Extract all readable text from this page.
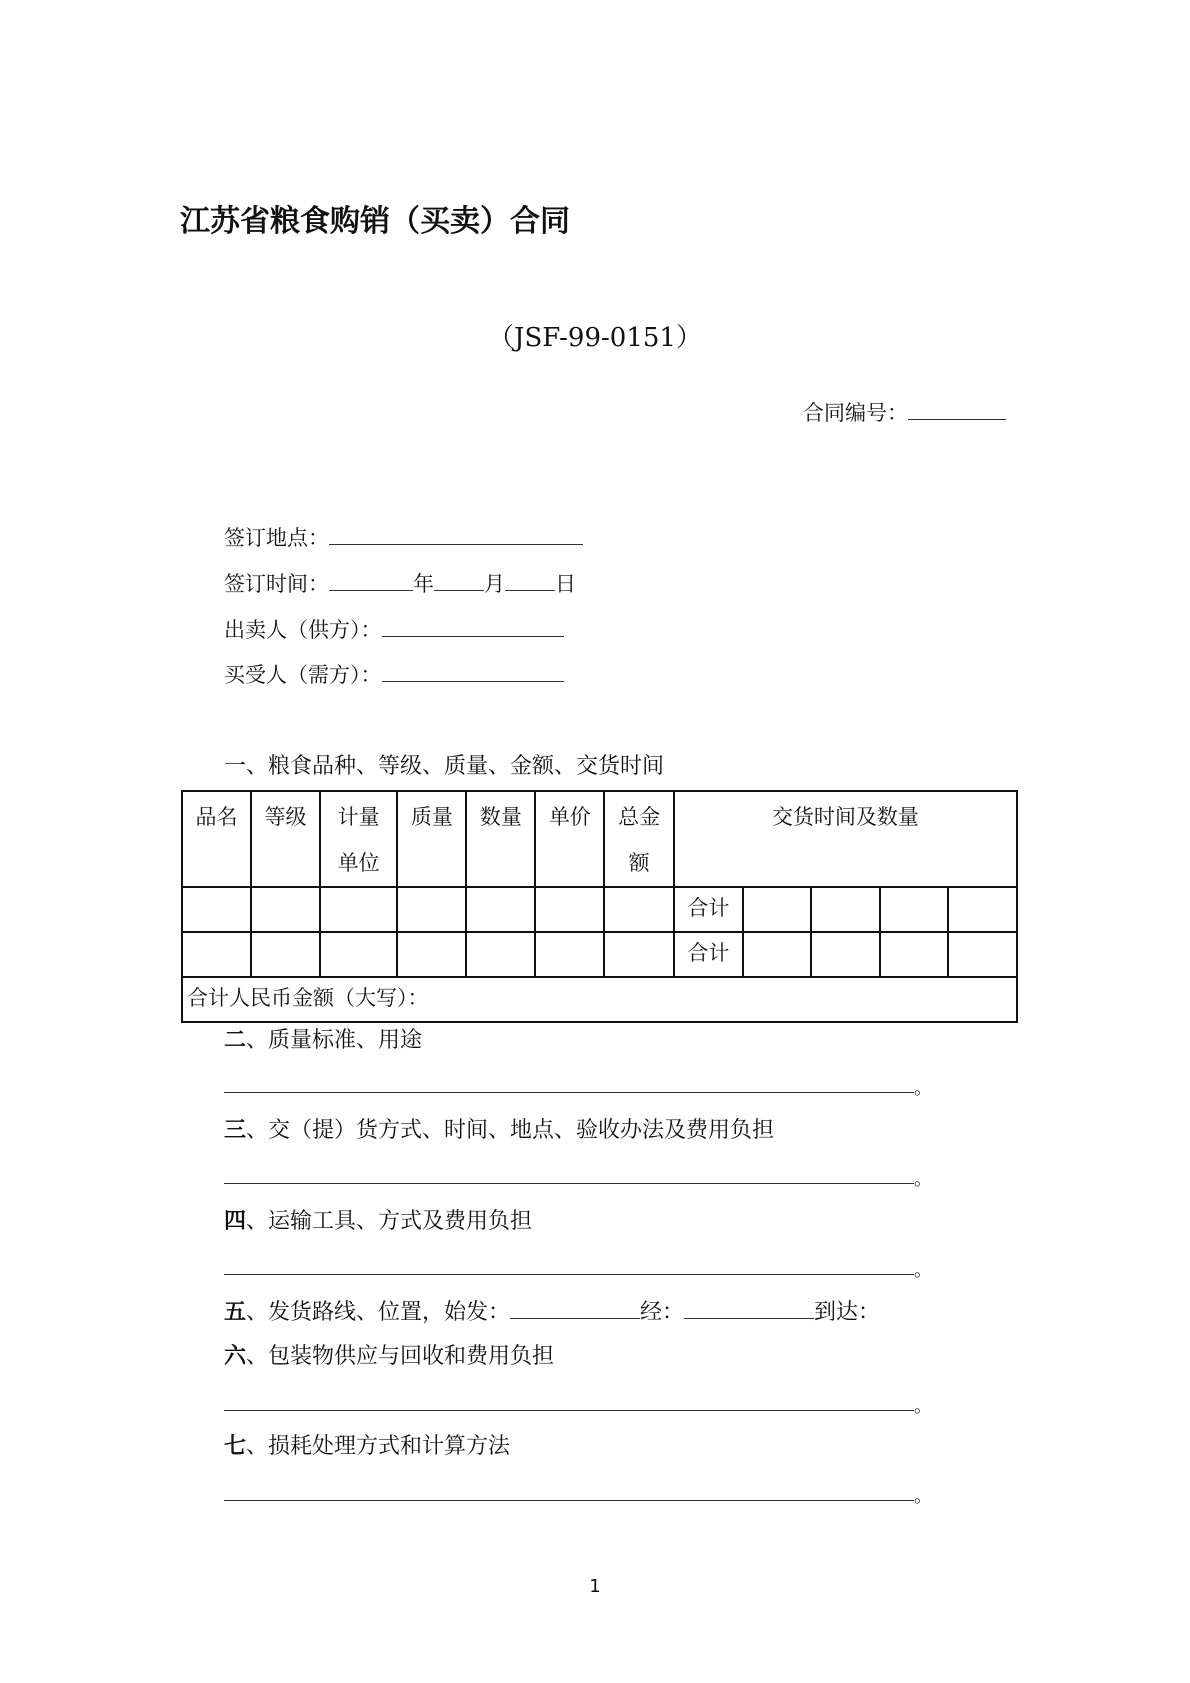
江苏省粮食购销（买卖）合同
（JSF-99-0151）
合同编号：
签订地点：
签订时间：	年 月 日
出卖人（供方）：
买受人（需方）：
一、粮食品种、等级、质量、金额、交货时间
品名	等级	计量单位	质量	数量	单价	总金额	交货时间及数量				
							合计				
							合计				
合计人民币金额（大写）：											
二、质量标准、用途
。
三、交（提）货方式、时间、地点、验收办法及费用负担
。
四、运输工具、方式及费用负担
。
五、发货路线、位置，始发：	经：	到达：
六、包装物供应与回收和费用负担
。
七、损耗处理方式和计算方法
。
1
